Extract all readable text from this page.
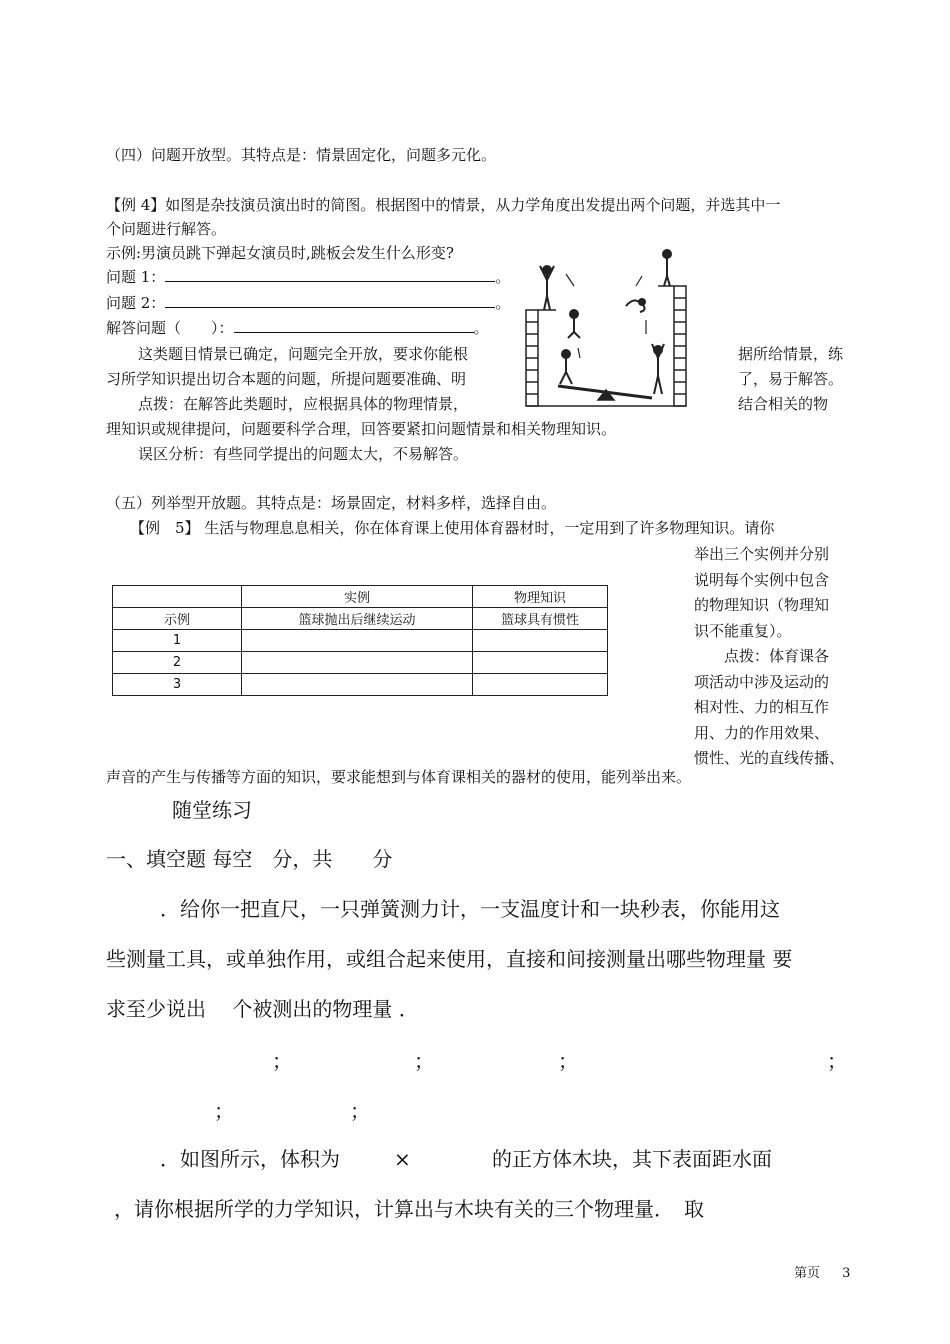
（四）问题开放型。其特点是：情景固定化，问题多元化。
【例 4】如图是杂技演员演出时的简图。根据图中的情景，从力学角度出发提出两个问题，并选其中一
个问题进行解答。
示例:男演员跳下弹起女演员时,跳板会发生什么形变?
问题 1：	。
问题 2：	。
解答问题（　　）：	。
这类题目情景已确定，问题完全开放，要求你能根	据所给情景，练
习所学知识提出切合本题的问题，所提问题要准确、明	了，易于解答。
点拨：在解答此类题时，应根据具体的物理情景，	结合相关的物
理知识或规律提问，问题要科学合理，回答要紧扣问题情景和相关物理知识。
误区分析：有些同学提出的问题太大，不易解答。
（五）列举型开放题。其特点是：场景固定，材料多样，选择自由。
【例　5】 生活与物理息息相关，你在体育课上使用体育器材时，一定用到了许多物理知识。请你
举出三个实例并分别
说明每个实例中包含
的物理知识（物理知
识不能重复）。
　　点拨：体育课各
项活动中涉及运动的
相对性、力的相互作
用、力的作用效果、
惯性、光的直线传播、
	实例	物理知识
示例	篮球抛出后继续运动	篮球具有惯性
1		
2		
3		
声音的产生与传播等方面的知识，要求能想到与体育课相关的器材的使用，能列举出来。
随堂练习
一、填空题 每空　分，共　　分
．给你一把直尺，一只弹簧测力计，一支温度计和一块秒表，你能用这
些测量工具，或单独作用，或组合起来使用，直接和间接测量出哪些物理量 要
求至少说出　 个被测出的物理量 ．
；	；	；	；
；	；
．如图所示，体积为	×	的正方体木块，其下表面距水面
，请你根据所学的力学知识，计算出与木块有关的三个物理量．　取
第页 3
